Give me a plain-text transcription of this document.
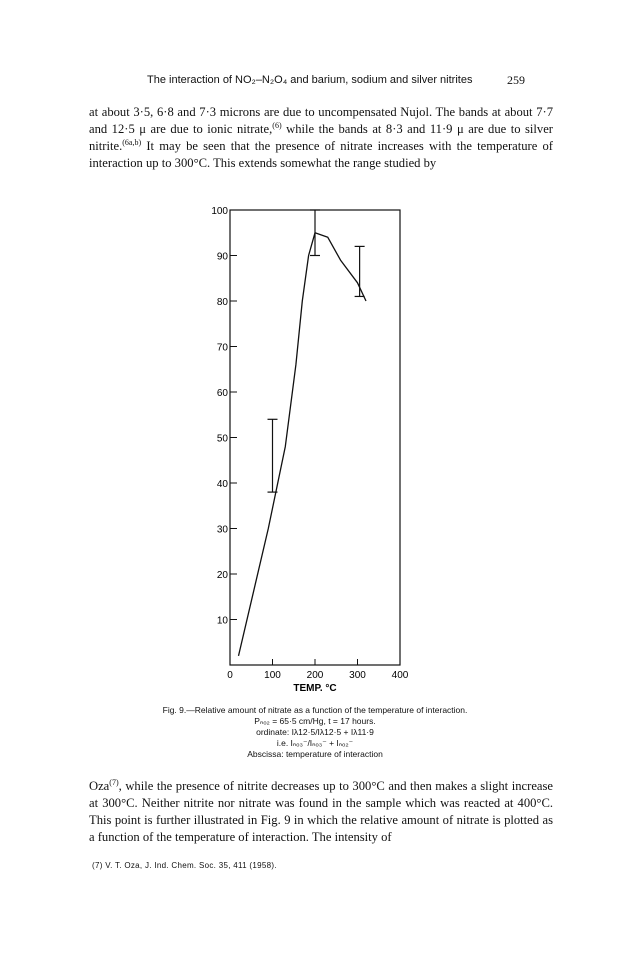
The interaction of NO₂–N₂O₄ and barium, sodium and silver nitrites	259

at about 3·5, 6·8 and 7·3 microns are due to uncompensated Nujol. The bands at about 7·7 and 12·5 μ are due to ionic nitrate,$^{(6)}$ while the bands at 8·3 and 11·9 μ are due to silver nitrite.$^{(6a,b)}$ It may be seen that the presence of nitrate increases with the temperature of interaction up to 300°C. This extends somewhat the range studied by

10
20
30
40
50
60
70
80
90
100
0	100	200	300	400
TEMP. °C
Fig. 9.—Relative amount of nitrate as a function of the temperature of interaction.
Pₙₒ₂ = 65·5 cm/Hg, t = 17 hours.
ordinate: Iλ12·5/Iλ12·5 + Iλ11·9
i.e. Iₙₒ₃⁻/Iₙₒ₃⁻ + Iₙₒ₂⁻
Abscissa: temperature of interaction

Oza$^{(7)}$, while the presence of nitrite decreases up to 300°C and then makes a slight increase at 300°C. Neither nitrite nor nitrate was found in the sample which was reacted at 400°C. This point is further illustrated in Fig. 9 in which the relative amount of nitrate is plotted as a function of the temperature of interaction. The intensity of

(7) V. T. Oza, J. Ind. Chem. Soc. 35, 411 (1958).
